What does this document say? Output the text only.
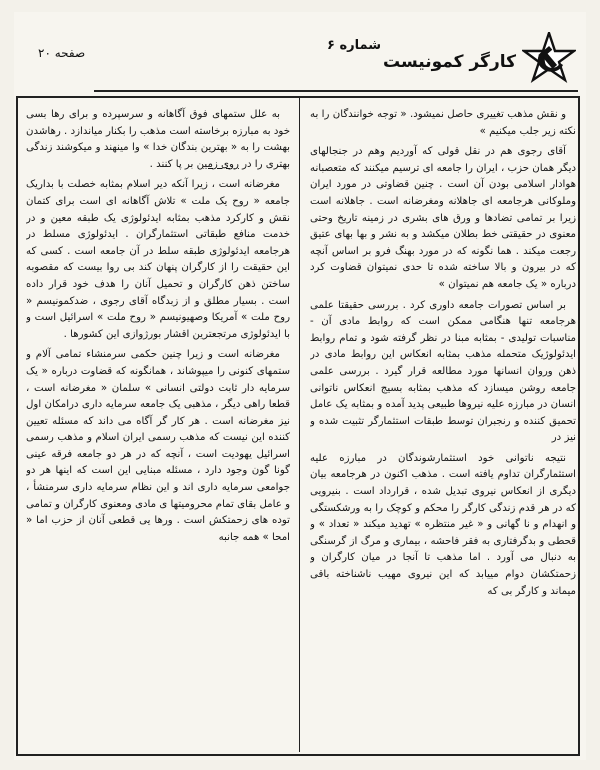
کارگر کمونیست
شماره ۶
صفحه ۲۰

و نقش مذهب تغییری حاصل نمیشود. « توجه خوانندگان را به نکته زیر جلب میکنیم »

آقای رجوی هم در نقل قولی که آوردیم وهم در جنجالهای دیگر همان حزب ، ایران را جامعه ای ترسیم میکنند که متعصبانه هوادار اسلامی بودن آن است . چنین قضاوتی در مورد ایران وملوکانی هرجامعه ای جاهلانه ومغرضانه است . جاهلانه است زیرا بر تمامی تضادها و ورق های بشری در زمینه تاریخ وحتی معنوی در حقیقتی خط بطلان میکشد و به نشر و بها بهای عتیق رجعت میکند . هما نگونه که در مورد بهنگ فرو بر اساس آنچه که در بیرون و بالا ساخته شده تا حدی نمیتوان قضاوت کرد درباره « یک جامعه هم نمیتوان »

بر اساس تصورات جامعه داوری کرد . بررسی حقیقتا علمی هرجامعه تنها هنگامی ممکن است که روابط مادی آن - مناسبات تولیدی - بمثابه مبنا در نظر گرفته شود و تمام روابط ایدئولوژیک متحمله مذهب بمثابه انعکاس این روابط مادی در ذهن وروان انسانها مورد مطالعه قرار گیرد . بررسی علمی جامعه روشن میسازد که مذهب بمثابه بسیج انعکاس ناتوانی انسان در مبارزه علیه نیروها طبیعی پدید آمده و بمثابه یک عامل تحمیق کننده و رنجبران توسط طبقات استثمارگر تثبیت شده و نیز در

نتیجه ناتوانی خود استثمارشوندگان در مبارزه علیه استثمارگران تداوم یافته است . مذهب اکنون در هرجامعه بیان دیگری از انعکاس نیروی تبدیل شده ، قرارداد است . بنیرویی که در هر قدم زندگی کارگر را محکم و کوچک را به ورشکستگی و انهدام و نا گهانی و « غیر منتظره » تهدید میکند « تعداد » و قحطی و بدگرفتاری به فقر فاحشه ، بیماری و مرگ از گرسنگی به دنبال می آورد . اما مذهب تا آنجا در میان کارگران و زحمتکشان دوام مییابد که این نیروی مهیب ناشناخته باقی میماند و کارگر بی که

به علل ستمهای فوق آگاهانه و سرسپرده و برای رها بسی خود به مبارزه برخاسته است مذهب را بکنار میاندازد . رهاشدن بهشت را به « بهترین بندگان خدا » وا مینهند و میکوشند زندگی بهتری را در روی زمین بر پا کنند .

مغرضانه است ، زیرا آنکه دیر اسلام بمثابه خصلت با بداریک جامعه « روح یک ملت » تلاش آگاهانه ای است برای کتمان نقش و کارکرد مذهب بمثابه ایدئولوژی یک طبقه معین و در خدمت منافع طبقاتی استثمارگران . ایدئولوژی مسلط در هرجامعه ایدئولوژی طبقه سلط در آن جامعه است . کسی که این حقیقت را از کارگران پنهان کند بی روا بیست که مقصوبه ساختن ذهن کارگران و تحمیل آنان را هدف خود قرار داده است . بسیار مطلق و از زبدگاه آقای رجوی ، ضدکمونیسم « روح ملت » آمریکا وصهیونیسم « روح ملت » اسرائیل است و با ایدئولوژی مرتجعترین اقشار بورژوازی این کشورها .

مغرضانه است و زیرا چنین حکمی سرمنشاء تمامی آلام و ستمهای کنونی را میپوشاند ، همانگونه که قضاوت درباره « یک سرمایه دار ثابت دولتی انسانی » سلمان « مغرضانه است ، قطعا راهی دیگر ، مذهبی یک جامعه سرمایه داری درامکان اول نیز مغرضانه است . هر کار گر آگاه می داند که مسئله تعیین کننده این نیست که مذهب رسمی ایران اسلام و مذهب رسمی اسرائیل یهودیت است ، آنچه که در هر دو جامعه فرقه عینی گونا گون وجود دارد ، مسئله مبنایی این است که اینها هر دو جوامعی سرمایه داری اند و این نظام سرمایه داری سرمنشأ ، و عامل بقای تمام محرومیتها ی مادی ومعنوی کارگران و تمامی توده های زحمتکش است . ورها یی قطعی آنان از حزب اما « امحا » همه جانبه
